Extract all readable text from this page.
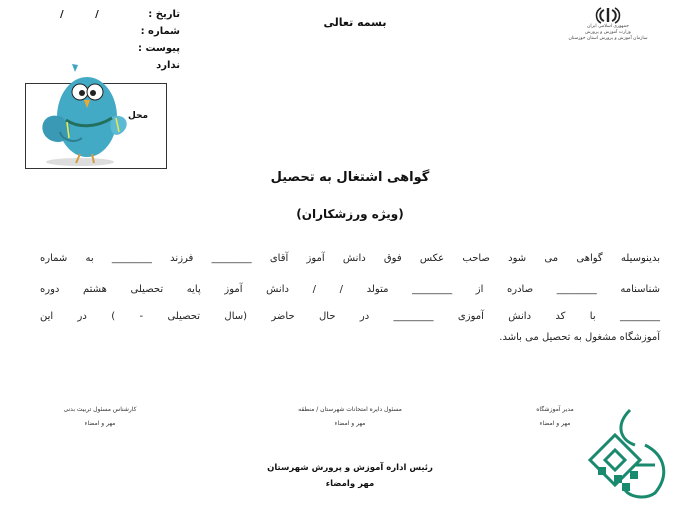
تاریخ :
/ /
شماره :
پیوست : ندارد
بسمه تعالی	جمهوری اسلامی ایران
وزارت آموزش و پرورش
سازمان آموزش و پرورش استان خوزستان
محل
گواهی اشتغال به تحصیل
(ویژه ورزشکاران)
بدینوسیله گواهی می شود صاحب عکس فوق دانش آموز آقای ________ فرزند ________ به شماره
شناسنامه ________ صادره از ________ متولد / / دانش آموز پایه تحصیلی هشتم دوره
________ با کد دانش آموزی ________ در حال حاضر (سال تحصیلی - ) در این
آموزشگاه مشغول به تحصیل می باشد.
مدیر آموزشگاه
مهر و امضاء
مسئول دایره امتحانات شهرستان / منطقه
مهر و امضاء
کارشناس مسئول تربیت بدنی
مهر و امضاء
رئیس اداره آموزش و پرورش شهرستان
مهر وامضاء
